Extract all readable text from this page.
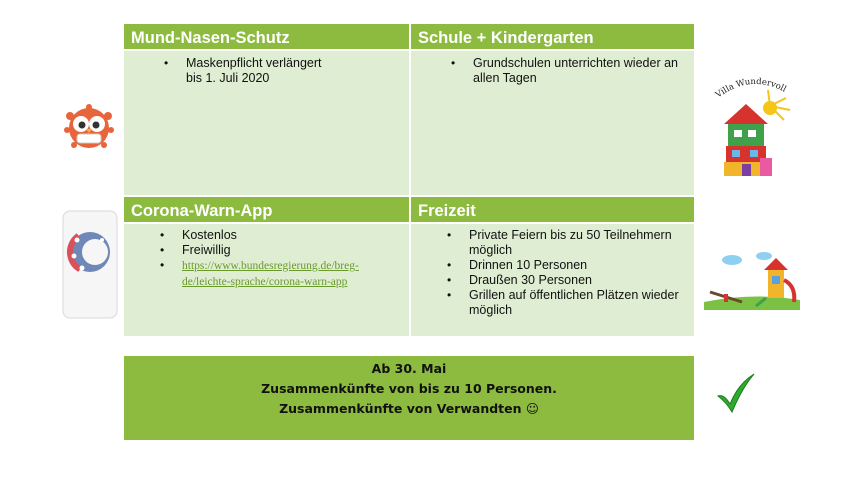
Mund-Nasen-Schutz	Schule + Kindergarten
• Maskenpflicht verlängert
bis 1. Juli 2020
• Grundschulen unterrichten wieder an
allen Tagen
Corona-Warn-App	Freizeit
• Kostenlos
• Freiwillig
• https://www.bundesregierung.de/breg-
de/leichte-sprache/corona-warn-app
• Private Feiern bis zu 50 Teilnehmern möglich
• Drinnen 10 Personen
• Draußen 30 Personen
• Grillen auf öffentlichen Plätzen wieder möglich
Ab 30. Mai
Zusammenkünfte von bis zu 10 Personen.
Zusammenkünfte von Verwandten ☺
Villa Wundervoll
